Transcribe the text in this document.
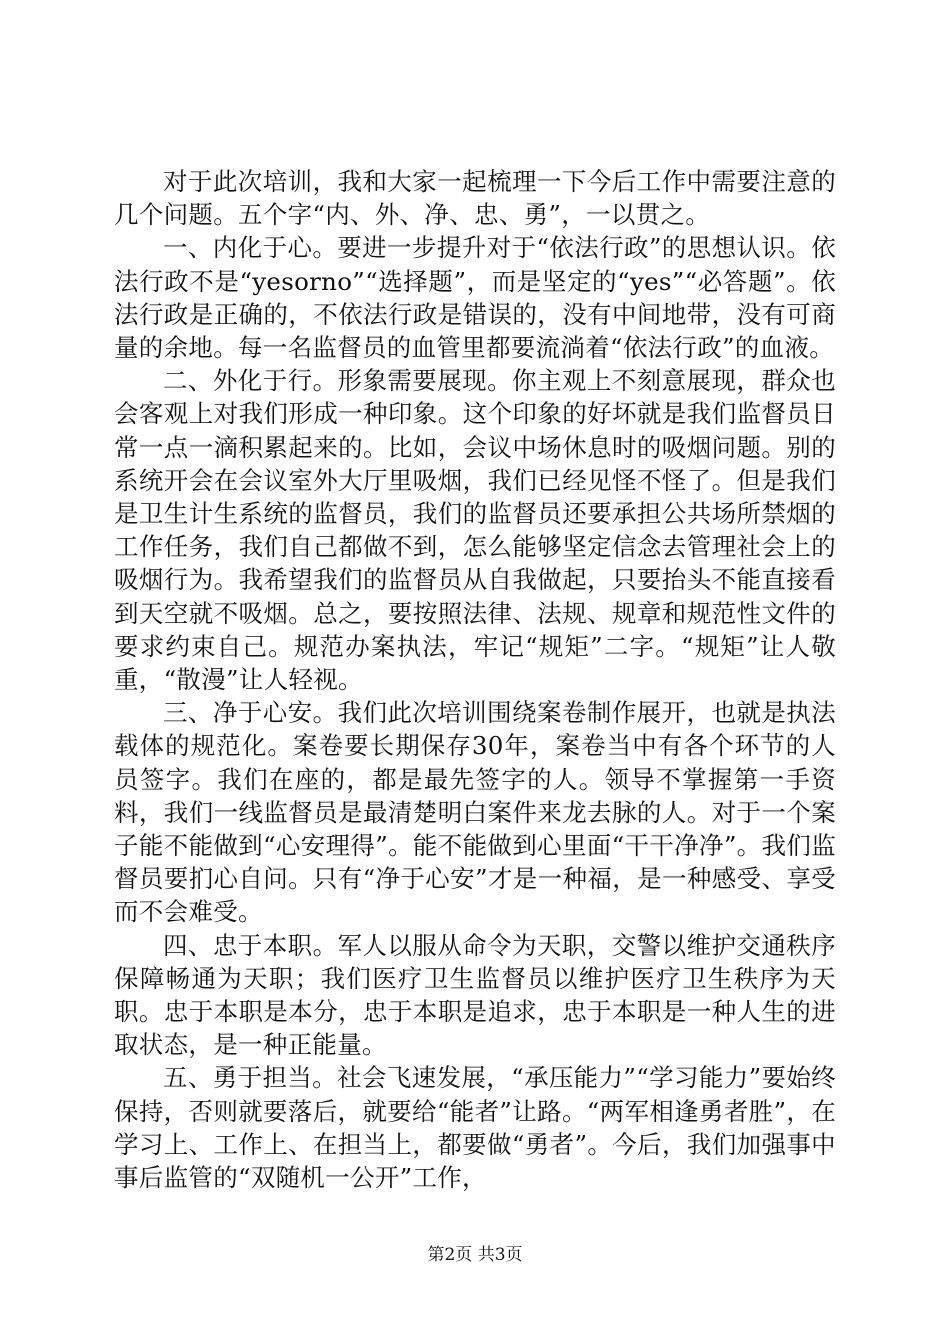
对于此次培训，我和大家一起梳理一下今后工作中需要注意的几个问题。五个字“内、外、净、忠、勇”，一以贯之。

一、内化于心。要进一步提升对于“依法行政”的思想认识。依法行政不是“yesorno”“选择题”，而是坚定的“yes”“必答题”。依法行政是正确的，不依法行政是错误的，没有中间地带，没有可商量的余地。每一名监督员的血管里都要流淌着“依法行政”的血液。

二、外化于行。形象需要展现。你主观上不刻意展现，群众也会客观上对我们形成一种印象。这个印象的好坏就是我们监督员日常一点一滴积累起来的。比如，会议中场休息时的吸烟问题。别的系统开会在会议室外大厅里吸烟，我们已经见怪不怪了。但是我们是卫生计生系统的监督员，我们的监督员还要承担公共场所禁烟的工作任务，我们自己都做不到，怎么能够坚定信念去管理社会上的吸烟行为。我希望我们的监督员从自我做起，只要抬头不能直接看到天空就不吸烟。总之，要按照法律、法规、规章和规范性文件的要求约束自己。规范办案执法，牢记“规矩”二字。“规矩”让人敬重，“散漫”让人轻视。

三、净于心安。我们此次培训围绕案卷制作展开，也就是执法载体的规范化。案卷要长期保存30年，案卷当中有各个环节的人员签字。我们在座的，都是最先签字的人。领导不掌握第一手资料，我们一线监督员是最清楚明白案件来龙去脉的人。对于一个案子能不能做到“心安理得”。能不能做到心里面“干干净净”。我们监督员要扪心自问。只有“净于心安”才是一种福，是一种感受、享受而不会难受。

四、忠于本职。军人以服从命令为天职，交警以维护交通秩序保障畅通为天职；我们医疗卫生监督员以维护医疗卫生秩序为天职。忠于本职是本分，忠于本职是追求，忠于本职是一种人生的进取状态，是一种正能量。

五、勇于担当。社会飞速发展，“承压能力”“学习能力”要始终保持，否则就要落后，就要给“能者”让路。“两军相逢勇者胜”，在学习上、工作上、在担当上，都要做“勇者”。今后，我们加强事中事后监管的“双随机一公开”工作，

第2页 共3页
